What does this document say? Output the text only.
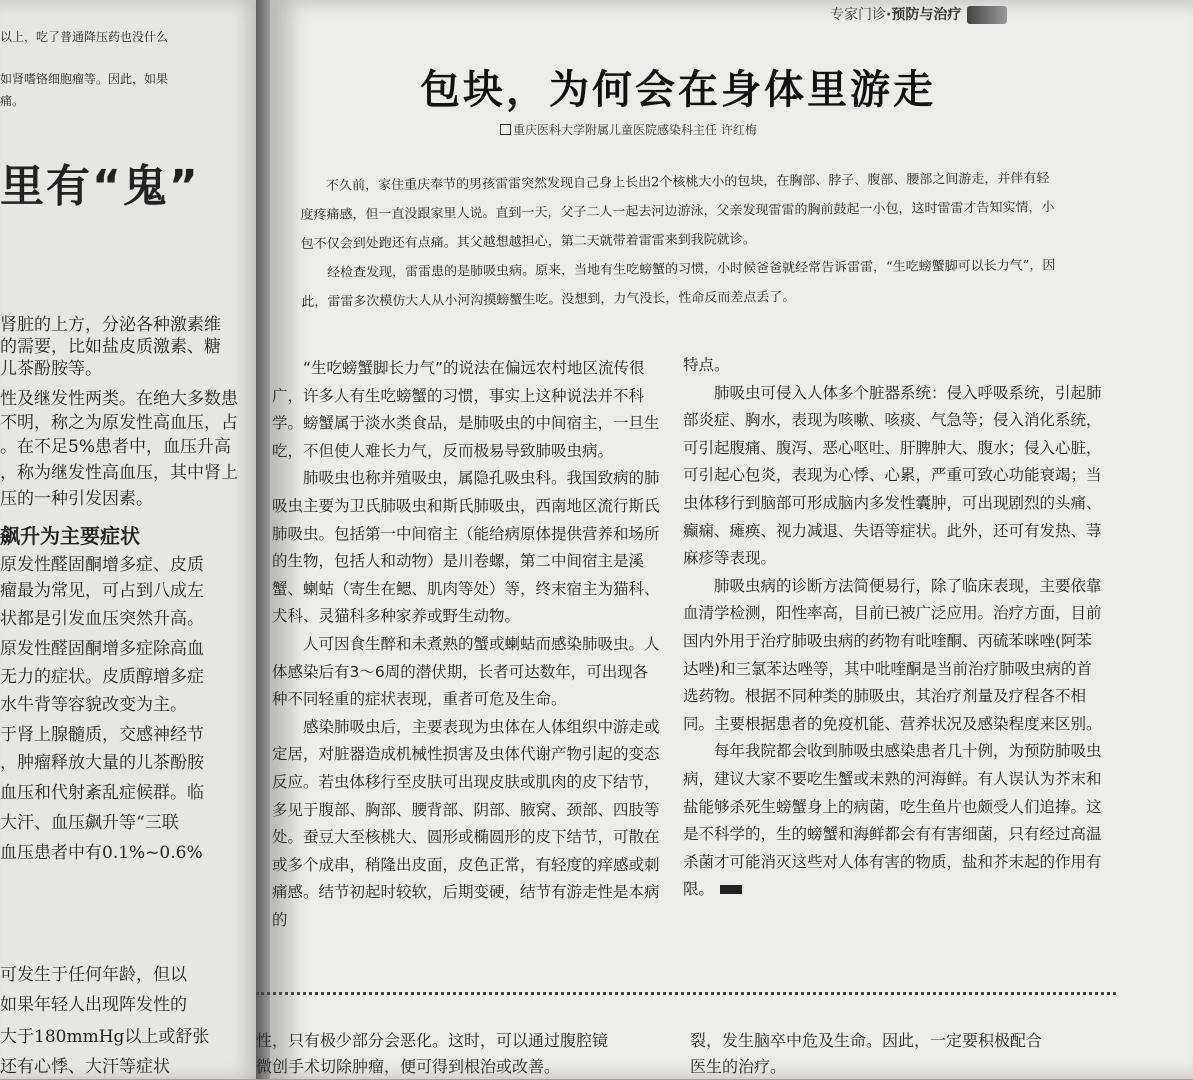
以上，吃了普通降压药也没什么
如肾嗜铬细胞瘤等。因此，如果
痛。
里有“鬼”
肾脏的上方，分泌各种激素维
的需要，比如盐皮质激素、糖
儿茶酚胺等。
性及继发性两类。在绝大多数患
不明，称之为原发性高血压，占
。在不足5%患者中，血压升高
，称为继发性高血压，其中肾上
压的一种引发因素。
飙升为主要症状
原发性醛固酮增多症、皮质
瘤最为常见，可占到八成左
状都是引发血压突然升高。
原发性醛固酮增多症除高血
无力的症状。皮质醇增多症
水牛背等容貌改变为主。
于肾上腺髓质，交感神经节
，肿瘤释放大量的儿茶酚胺
血压和代射紊乱症候群。临
大汗、血压飙升等“三联
血压患者中有0.1%~0.6%
可发生于任何年龄，但以
如果年轻人出现阵发性的
大于180mmHg以上或舒张
还有心悸、大汗等症状
专家门诊·预防与治疗
包块，为何会在身体里游走
重庆医科大学附属儿童医院感染科主任 许红梅

不久前，家住重庆奉节的男孩雷雷突然发现自己身上长出2个核桃大小的包块，在胸部、脖子、腹部、腰部之间游走，并伴有轻度疼痛感，但一直没跟家里人说。直到一天，父子二人一起去河边游泳，父亲发现雷雷的胸前鼓起一小包，这时雷雷才告知实情，小包不仅会到处跑还有点痛。其父越想越担心，第二天就带着雷雷来到我院就诊。

经检查发现，雷雷患的是肺吸虫病。原来，当地有生吃螃蟹的习惯，小时候爸爸就经常告诉雷雷，“生吃螃蟹脚可以长力气”，因此，雷雷多次模仿大人从小河沟摸螃蟹生吃。没想到，力气没长，性命反而差点丢了。

“生吃螃蟹脚长力气”的说法在偏远农村地区流传很广，许多人有生吃螃蟹的习惯，事实上这种说法并不科学。螃蟹属于淡水类食品，是肺吸虫的中间宿主，一旦生吃，不但使人难长力气，反而极易导致肺吸虫病。

肺吸虫也称并殖吸虫，属隐孔吸虫科。我国致病的肺吸虫主要为卫氏肺吸虫和斯氏肺吸虫，西南地区流行斯氏肺吸虫。包括第一中间宿主（能给病原体提供营养和场所的生物，包括人和动物）是川卷螺，第二中间宿主是溪蟹、蝲蛄（寄生在鳃、肌肉等处）等，终末宿主为猫科、犬科、灵猫科多种家养或野生动物。

人可因食生醉和未煮熟的蟹或蝲蛄而感染肺吸虫。人体感染后有3～6周的潜伏期，长者可达数年，可出现各种不同轻重的症状表现，重者可危及生命。

感染肺吸虫后，主要表现为虫体在人体组织中游走或定居，对脏器造成机械性损害及虫体代谢产物引起的变态反应。若虫体移行至皮肤可出现皮肤或肌肉的皮下结节，多见于腹部、胸部、腰背部、阴部、腋窝、颈部、四肢等处。蚕豆大至核桃大、圆形或椭圆形的皮下结节，可散在或多个成串，稍隆出皮面，皮色正常，有轻度的痒感或刺痛感。结节初起时较软，后期变硬，结节有游走性是本病的

特点。

肺吸虫可侵入人体多个脏器系统：侵入呼吸系统，引起肺部炎症、胸水，表现为咳嗽、咳痰、气急等；侵入消化系统，可引起腹痛、腹泻、恶心呕吐、肝脾肿大、腹水；侵入心脏，可引起心包炎，表现为心悸、心累，严重可致心功能衰竭；当虫体移行到脑部可形成脑内多发性囊肿，可出现剧烈的头痛、癫痫、瘫痪、视力减退、失语等症状。此外，还可有发热、荨麻疹等表现。

肺吸虫病的诊断方法简便易行，除了临床表现，主要依靠血清学检测，阳性率高，目前已被广泛应用。治疗方面，目前国内外用于治疗肺吸虫病的药物有吡喹酮、丙硫苯咪唑(阿苯达唑)和三氯苯达唑等，其中吡喹酮是当前治疗肺吸虫病的首选药物。根据不同种类的肺吸虫，其治疗剂量及疗程各不相同。主要根据患者的免疫机能、营养状况及感染程度来区别。

每年我院都会收到肺吸虫感染患者几十例，为预防肺吸虫病，建议大家不要吃生蟹或未熟的河海鲜。有人误认为芥末和盐能够杀死生螃蟹身上的病菌，吃生鱼片也颇受人们追捧。这是不科学的，生的螃蟹和海鲜都会有有害细菌，只有经过高温杀菌才可能消灭这些对人体有害的物质，盐和芥末起的作用有限。

性，只有极少部分会恶化。这时，可以通过腹腔镜
微创手术切除肿瘤，便可得到根治或改善。
裂，发生脑卒中危及生命。因此，一定要积极配合
医生的治疗。
